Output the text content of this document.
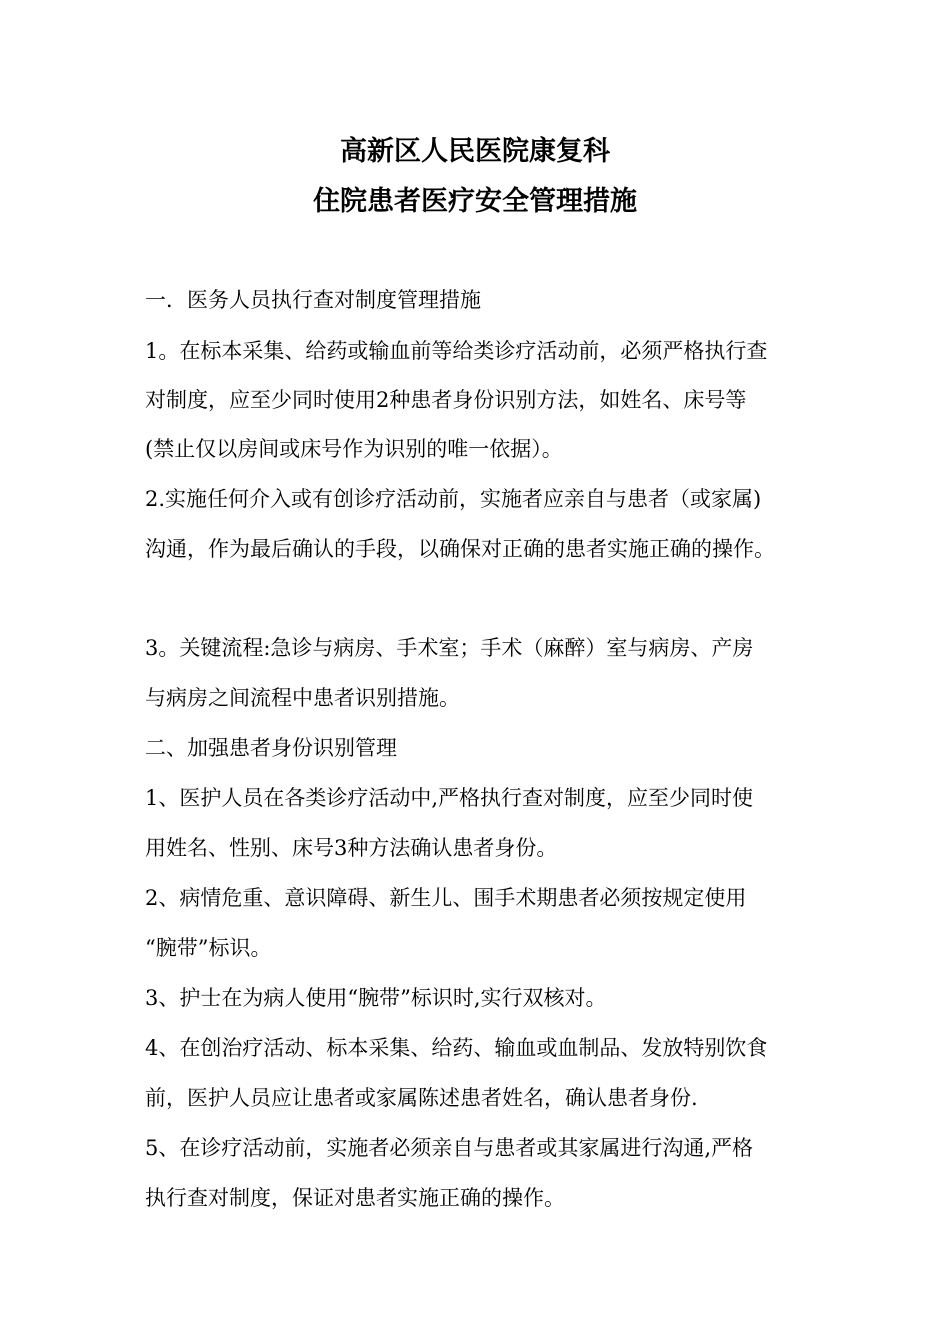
高新区人民医院康复科
住院患者医疗安全管理措施
一．医务人员执行查对制度管理措施
1。在标本采集、给药或输血前等给类诊疗活动前，必须严格执行查
对制度，应至少同时使用2种患者身份识别方法，如姓名、床号等
(禁止仅以房间或床号作为识别的唯一依据）。
2.实施任何介入或有创诊疗活动前，实施者应亲自与患者（或家属)
沟通，作为最后确认的手段，以确保对正确的患者实施正确的操作。
3。关键流程:急诊与病房、手术室；手术（麻醉）室与病房、产房
与病房之间流程中患者识别措施。
二、加强患者身份识别管理
1、医护人员在各类诊疗活动中,严格执行查对制度，应至少同时使
用姓名、性别、床号3种方法确认患者身份。
2、病情危重、意识障碍、新生儿、围手术期患者必须按规定使用
“腕带”标识。
3、护士在为病人使用“腕带”标识时,实行双核对。
4、在创治疗活动、标本采集、给药、输血或血制品、发放特别饮食
前，医护人员应让患者或家属陈述患者姓名，确认患者身份.
5、在诊疗活动前，实施者必须亲自与患者或其家属进行沟通,严格
执行查对制度，保证对患者实施正确的操作。
